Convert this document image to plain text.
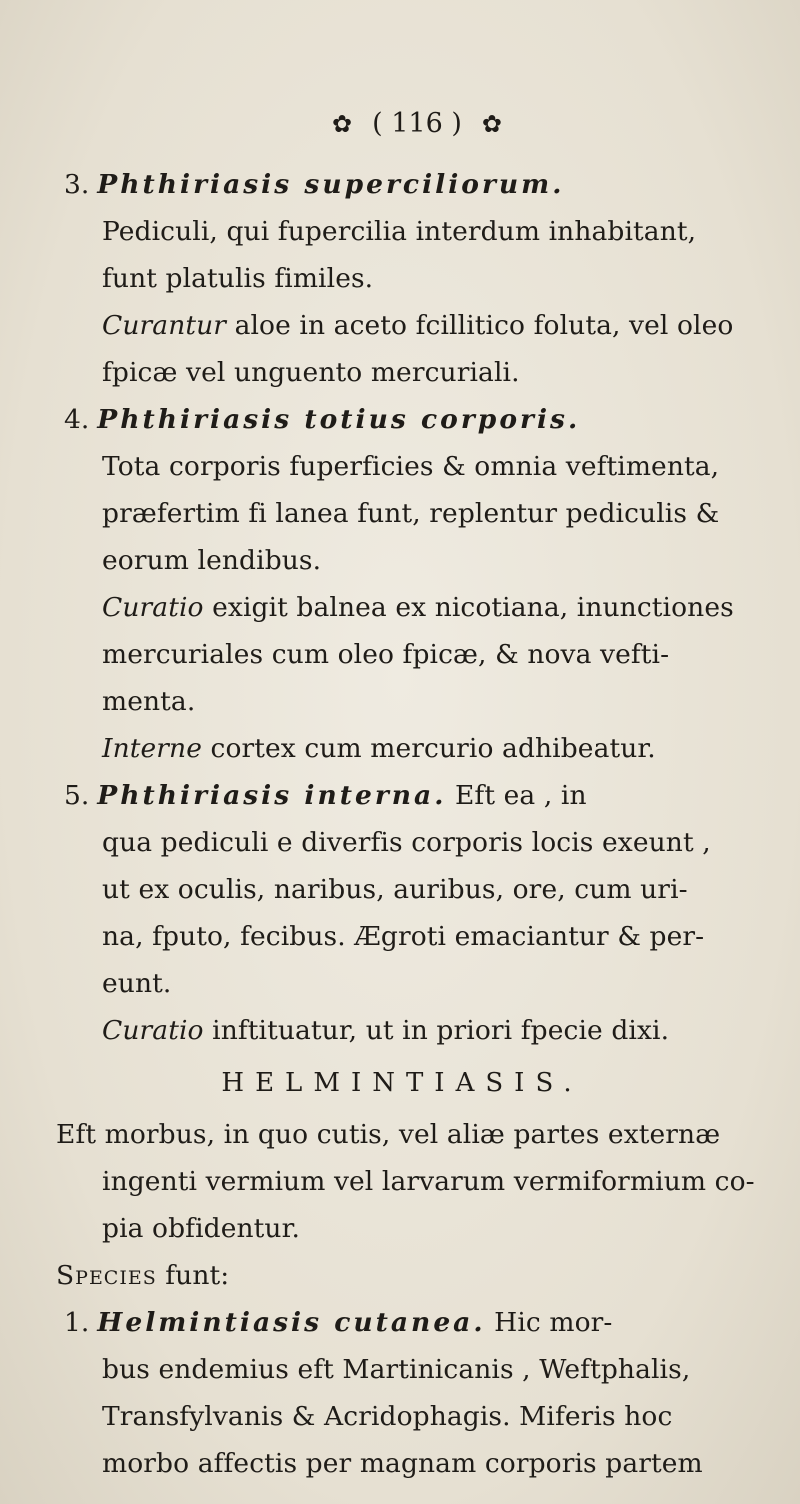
✿ ( 116 ) ✿
3. Phthiriasis superciliorum.
Pediculi, qui fupercilia interdum inhabitant,
funt platulis fimiles.
Curantur aloe in aceto fcillitico foluta, vel oleo
fpicæ vel unguento mercuriali.
4. Phthiriasis totius corporis.
Tota corporis fuperficies & omnia veftimenta,
præfertim fi lanea funt, replentur pediculis &
eorum lendibus.
Curatio exigit balnea ex nicotiana, inunctiones
mercuriales cum oleo fpicæ, & nova vefti-
menta.
Interne cortex cum mercurio adhibeatur.
5. Phthiriasis interna. Eft ea , in
qua pediculi e diverfis corporis locis exeunt ,
ut ex oculis, naribus, auribus, ore, cum uri-
na, fputo, fecibus. Ægroti emaciantur & per-
eunt.
Curatio inftituatur, ut in priori fpecie dixi.
HELMINTIASIS.
Eft morbus, in quo cutis, vel aliæ partes externæ
ingenti vermium vel larvarum vermiformium co-
pia obfidentur.
Species funt:
1. Helmintiasis cutanea. Hic mor-
bus endemius eft Martinicanis , Weftphalis,
Transfylvanis & Acridophagis. Miferis hoc
morbo affectis per magnam corporis partem
